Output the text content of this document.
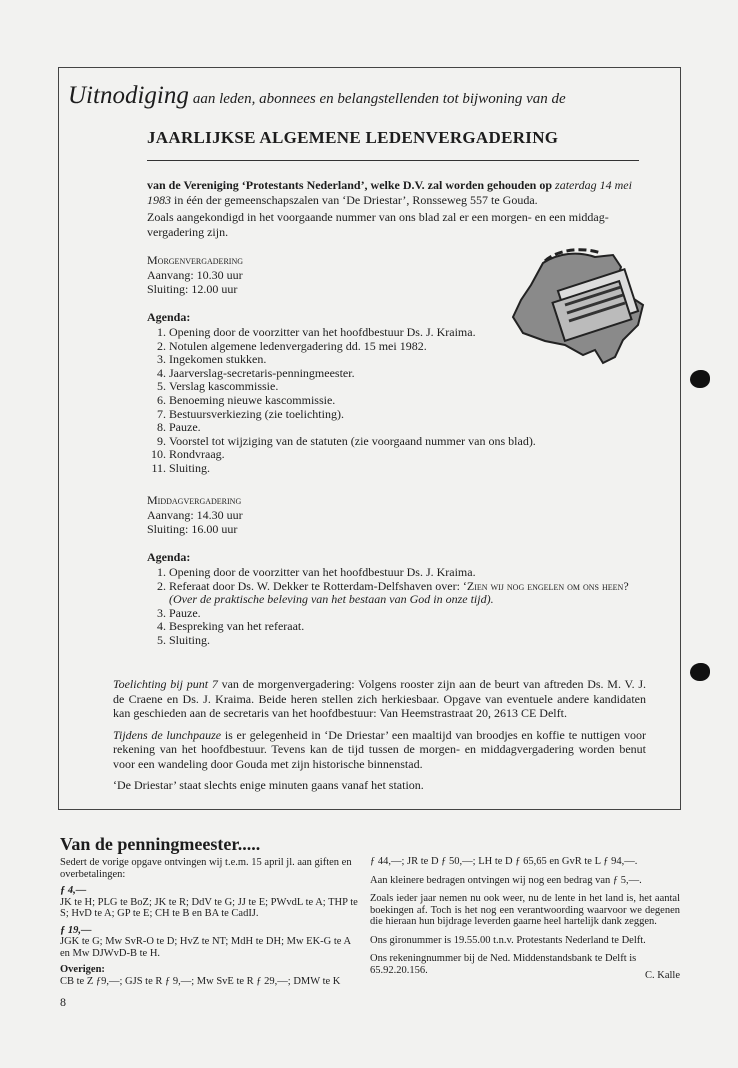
Uitnodiging aan leden, abonnees en belangstellenden tot bijwoning van de
JAARLIJKSE ALGEMENE LEDENVERGADERING
van de Vereniging ‘Protestants Nederland’, welke D.V. zal worden gehouden op zaterdag 14 mei 1983 in één der gemeenschapszalen van ‘De Driestar’, Ronsseweg 557 te Gouda.
Zoals aangekondigd in het voorgaande nummer van ons blad zal er een morgen- en een middag-vergadering zijn.
Morgenvergadering
Aanvang: 10.30 uur
Sluiting: 12.00 uur
Agenda:
1. Opening door de voorzitter van het hoofdbestuur Ds. J. Kraima.
2. Notulen algemene ledenvergadering dd. 15 mei 1982.
3. Ingekomen stukken.
4. Jaarverslag-secretaris-penningmeester.
5. Verslag kascommissie.
6. Benoeming nieuwe kascommissie.
7. Bestuursverkiezing (zie toelichting).
8. Pauze.
9. Voorstel tot wijziging van de statuten (zie voorgaand nummer van ons blad).
10. Rondvraag.
11. Sluiting.
Middagvergadering
Aanvang: 14.30 uur
Sluiting: 16.00 uur
Agenda:
1. Opening door de voorzitter van het hoofdbestuur Ds. J. Kraima.
2. Referaat door Ds. W. Dekker te Rotterdam-Delfshaven over: ‘Zien wij nog engelen om ons heen? (Over de praktische beleving van het bestaan van God in onze tijd).
3. Pauze.
4. Bespreking van het referaat.
5. Sluiting.

Toelichting bij punt 7 van de morgenvergadering: Volgens rooster zijn aan de beurt van aftreden Ds. M. V. J. de Craene en Ds. J. Kraima. Beide heren stellen zich herkiesbaar. Opgave van eventuele andere kandidaten kan geschieden aan de secretaris van het hoofdbestuur: Van Heemstrastraat 20, 2613 CE Delft.

Tijdens de lunchpauze is er gelegenheid in ‘De Driestar’ een maaltijd van broodjes en koffie te nuttigen voor rekening van het hoofdbestuur. Tevens kan de tijd tussen de morgen- en middagvergadering worden benut voor een wandeling door Gouda met zijn historische binnenstad.

‘De Driestar’ staat slechts enige minuten gaans vanaf het station.

Van de penningmeester.....

Sedert de vorige opgave ontvingen wij t.e.m. 15 april jl. aan giften en overbetalingen:

ƒ 4,—

JK te H; PLG te BoZ; JK te R; DdV te G; JJ te E; PWvdL te A; THP te S; HvD te A; GP te E; CH te B en BA te CadIJ.

ƒ 19,—

JGK te G; Mw SvR-O te D; HvZ te NT; MdH te DH; Mw EK-G te A en Mw DJWvD-B te H.

Overigen:

CB te Z ƒ9,—; GJS te R ƒ 9,—; Mw SvE te R ƒ 29,—; DMW te K

ƒ 44,—; JR te D ƒ 50,—; LH te D ƒ 65,65 en GvR te L ƒ 94,—.

Aan kleinere bedragen ontvingen wij nog een bedrag van ƒ 5,—.

Zoals ieder jaar nemen nu ook weer, nu de lente in het land is, het aantal boekingen af. Toch is het nog een verantwoording waarvoor we degenen die hieraan hun bijdrage leverden gaarne heel hartelijk dank zeggen.

Ons gironummer is 19.55.00 t.n.v. Protestants Nederland te Delft.

Ons rekeningnummer bij de Ned. Middenstandsbank te Delft is 65.92.20.156.	C. Kalle
8
